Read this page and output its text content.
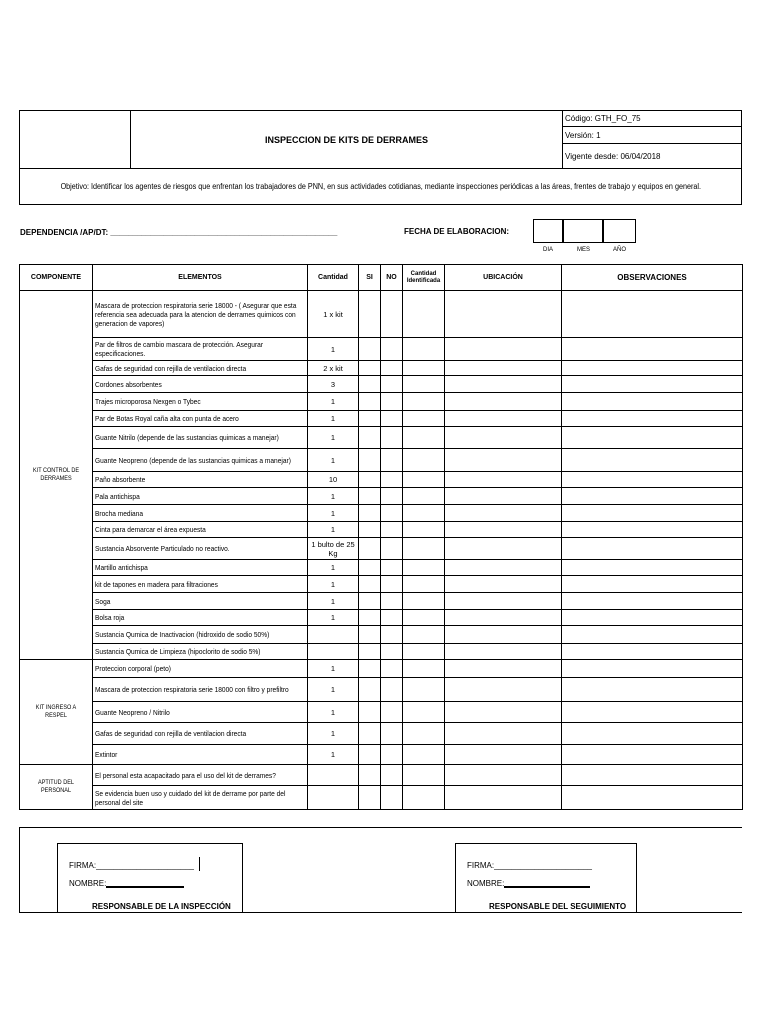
INSPECCION DE KITS DE DERRAMES
Código: GTH_FO_75
Versión: 1
Vigente desde: 06/04/2018
Objetivo: Identificar los agentes de riesgos que enfrentan los trabajadores de PNN, en sus actividades cotidianas, mediante inspecciones periódicas a las áreas, frentes de trabajo y equipos en general.
DEPENDENCIA /AP/DT: ___________________________________________________	FECHA DE ELABORACION:
DIA	MES	AÑO
COMPONENTE	ELEMENTOS	Cantidad	SI	NO	Cantidad Identificada	UBICACIÓN	OBSERVACIONES
KIT CONTROL DE DERRAMES	Mascara de proteccion respiratoria serie 18000 - ( Asegurar que esta referencia sea adecuada para la atencion de derrames quimicos con generacion de vapores)	1 x kit					
	Par de filtros de cambio mascara de protección. Asegurar especificaciones.	1					
	Gafas de seguridad con rejilla de ventilacion directa	2 x kit					
	Cordones absorbentes	3					
	Trajes microporosa Nexgen o Tybec	1					
	Par de Botas Royal caña alta con punta de acero	1					
	Guante Nitrilo (depende de las sustancias quimicas a manejar)	1					
	Guante Neopreno (depende de las sustancias quimicas a manejar)	1					
	Paño absorbente	10					
	Pala antichispa	1					
	Brocha mediana	1					
	Cinta para demarcar el área expuesta	1					
	Sustancia Absorvente Particulado no reactivo.	1 bulto de 25 Kg					
	Martillo antichispa	1					
	kit de tapones en madera para filtraciones	1					
	Soga	1					
	Bolsa roja	1					
	Sustancia Qumica de Inactivacion (hidroxido de sodio 50%)						
	Sustancia Qumica de Limpieza (hipoclorito de sodio 5%)						
KIT INGRESO A RESPEL	Proteccion corporal (peto)	1					
	Mascara de proteccion respiratoria serie 18000 con filtro y prefiltro	1					
	Guante Neopreno / Nitrilo	1					
	Gafas de seguridad con rejilla de ventilacion directa	1					
	Extintor	1					
APTITUD DEL PERSONAL	El personal esta acapacitado para el uso del kit de derrames?						
	Se evidencia buen uso y cuidado del kit de derrame por parte del personal del site						
FIRMA:______________________
NOMBRE:
RESPONSABLE DE LA INSPECCIÓN
FIRMA:______________________
NOMBRE:
RESPONSABLE DEL SEGUIMIENTO
